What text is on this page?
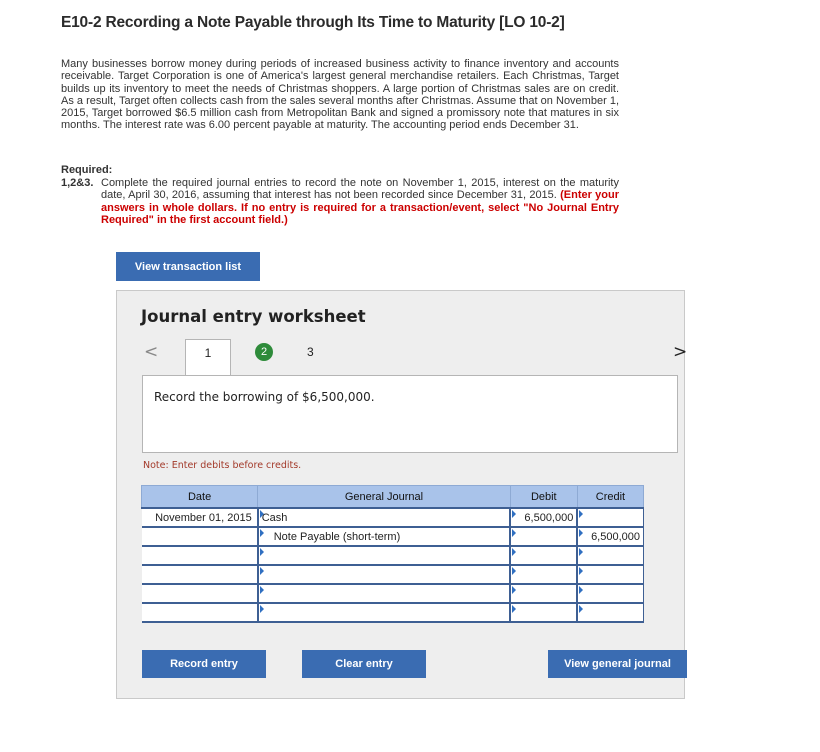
E10-2 Recording a Note Payable through Its Time to Maturity [LO 10-2]
Many businesses borrow money during periods of increased business activity to finance inventory and accounts receivable. Target Corporation is one of America's largest general merchandise retailers. Each Christmas, Target builds up its inventory to meet the needs of Christmas shoppers. A large portion of Christmas sales are on credit. As a result, Target often collects cash from the sales several months after Christmas. Assume that on November 1, 2015, Target borrowed $6.5 million cash from Metropolitan Bank and signed a promissory note that matures in six months. The interest rate was 6.00 percent payable at maturity. The accounting period ends December 31.
Required:
1,2&3. Complete the required journal entries to record the note on November 1, 2015, interest on the maturity date, April 30, 2016, assuming that interest has not been recorded since December 31, 2015. (Enter your answers in whole dollars. If no entry is required for a transaction/event, select "No Journal Entry Required" in the first account field.)
View transaction list
Journal entry worksheet
<	>
1	2	3
Record the borrowing of $6,500,000.
Note: Enter debits before credits.
Date	General Journal	Debit	Credit
November 01, 2015	Cash	6,500,000	

Note Payable (short-term)		6,500,000

Record entry	Clear entry	View general journal
